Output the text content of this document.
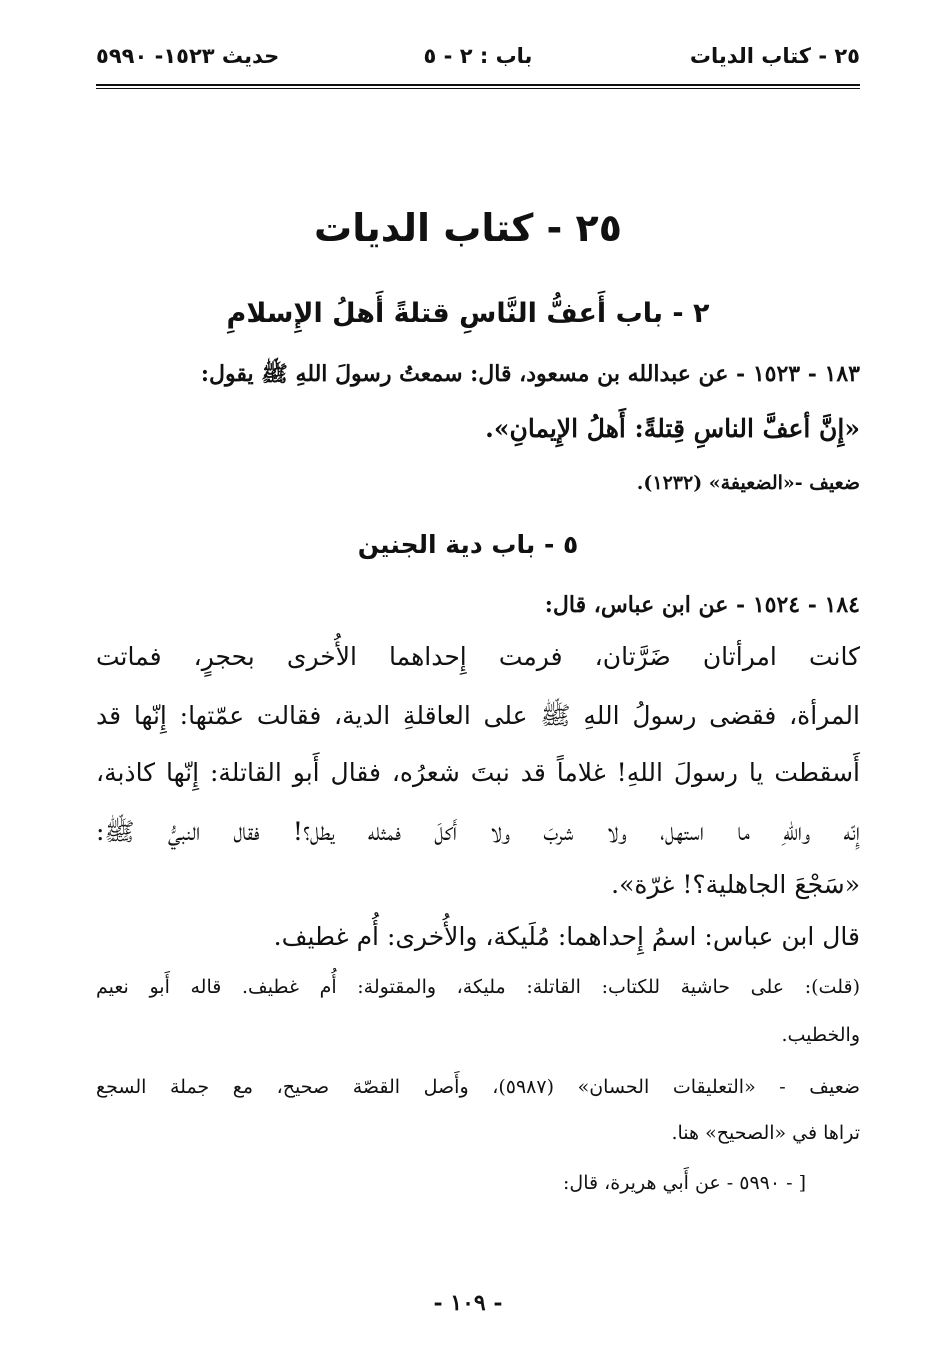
٢٥ - كتاب الديات
باب : ٢ - ٥
حديث ١٥٢٣- ٥٩٩٠
٢٥ - كتاب الديات
٢ - باب أَعفُّ النَّاسِ قتلةً أَهلُ الإِسلامِ
١٨٣ - ١٥٢٣ - عن عبدالله بن مسعود، قال: سمعتُ رسولَ اللهِ ﷺ يقول:
«إِنَّ أعفَّ الناسِ قِتلةً: أَهلُ الإِيمانِ».
ضعيف -«الضعيفة» (١٢٣٢).
٥ - باب دية الجنين
١٨٤ - ١٥٢٤ - عن ابن عباس، قال:
كانت امرأتان ضَرَّتان، فرمت إِحداهما الأُخرى بحجرٍ، فماتت
المرأة، فقضى رسولُ اللهِ ﷺ على العاقلةِ الدية، فقالت عمّتها: إِنّها قد
أَسقطت يا رسولَ اللهِ! غلاماً قد نبتَ شعرُه، فقال أَبو القاتلة: إِنّها كاذبة،
إِنّه واللهِ ما استهل، ولا شربَ ولا أَكلَ فمثله يطل؟! فقال النبيُّ ﷺ:
«سَجْعَ الجاهلية؟! غرّة».
قال ابن عباس: اسمُ إِحداهما: مُلَيكة، والأُخرى: أُم غطيف.
(قلت): على حاشية للكتاب: القاتلة: مليكة، والمقتولة: أُم غطيف. قاله أَبو نعيم
والخطيب.
ضعيف - «التعليقات الحسان» (٥٩٨٧)، وأَصل القصّة صحيح، مع جملة السجع
تراها في «الصحيح» هنا.
[ - ٥٩٩٠ - عن أَبي هريرة، قال:
- ١٠٩ -
